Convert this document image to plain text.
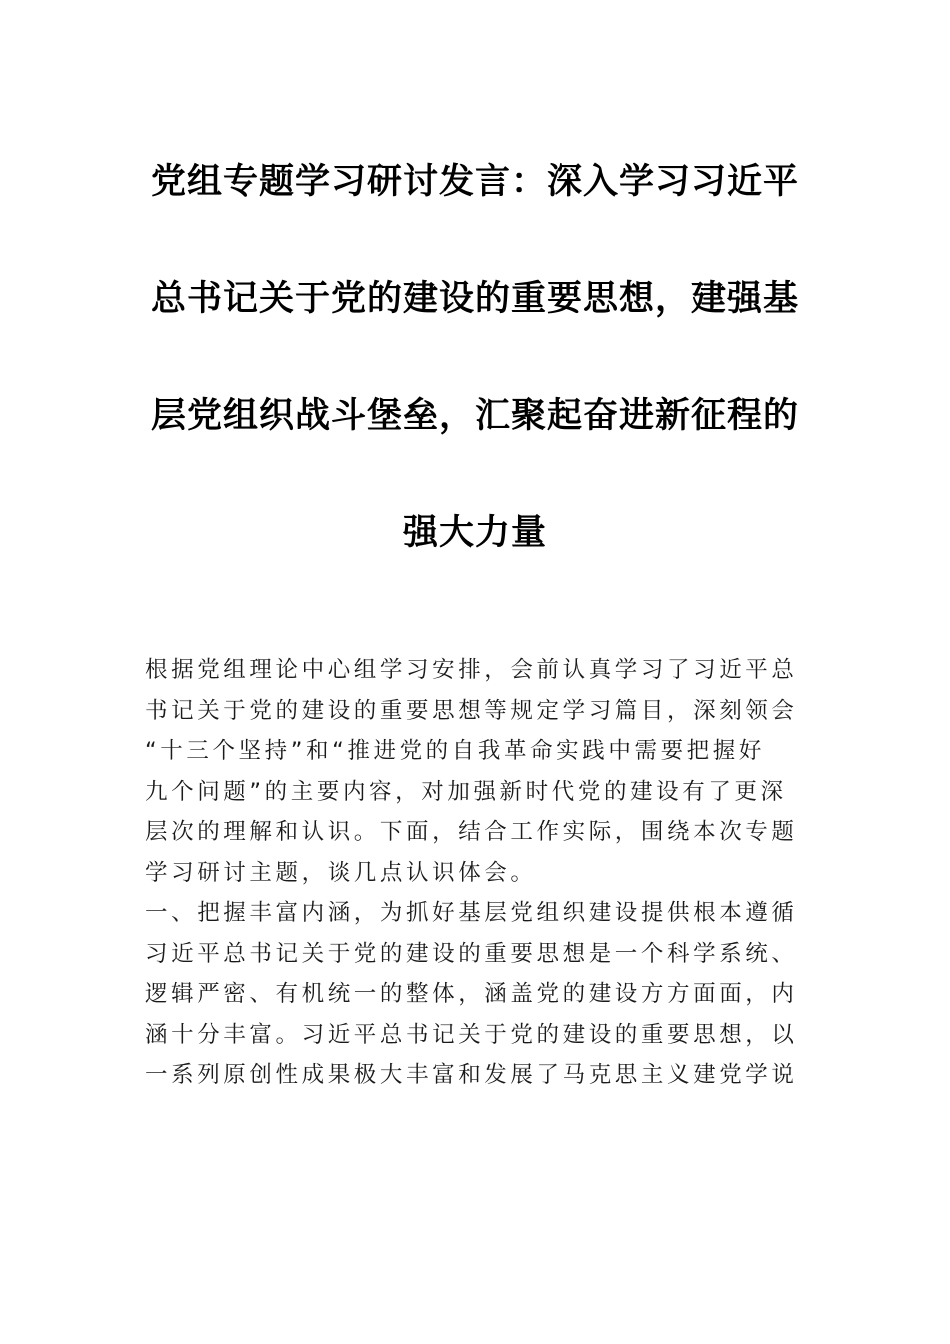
党组专题学习研讨发言：深入学习习近平
总书记关于党的建设的重要思想，建强基
层党组织战斗堡垒，汇聚起奋进新征程的
强大力量
根据党组理论中心组学习安排，会前认真学习了习近平总
书记关于党的建设的重要思想等规定学习篇目，深刻领会
“十三个坚持”和“推进党的自我革命实践中需要把握好
九个问题”的主要内容，对加强新时代党的建设有了更深
层次的理解和认识。下面，结合工作实际，围绕本次专题
学习研讨主题，谈几点认识体会。
一、把握丰富内涵，为抓好基层党组织建设提供根本遵循
习近平总书记关于党的建设的重要思想是一个科学系统、
逻辑严密、有机统一的整体，涵盖党的建设方方面面，内
涵十分丰富。习近平总书记关于党的建设的重要思想，以
一系列原创性成果极大丰富和发展了马克思主义建党学说
